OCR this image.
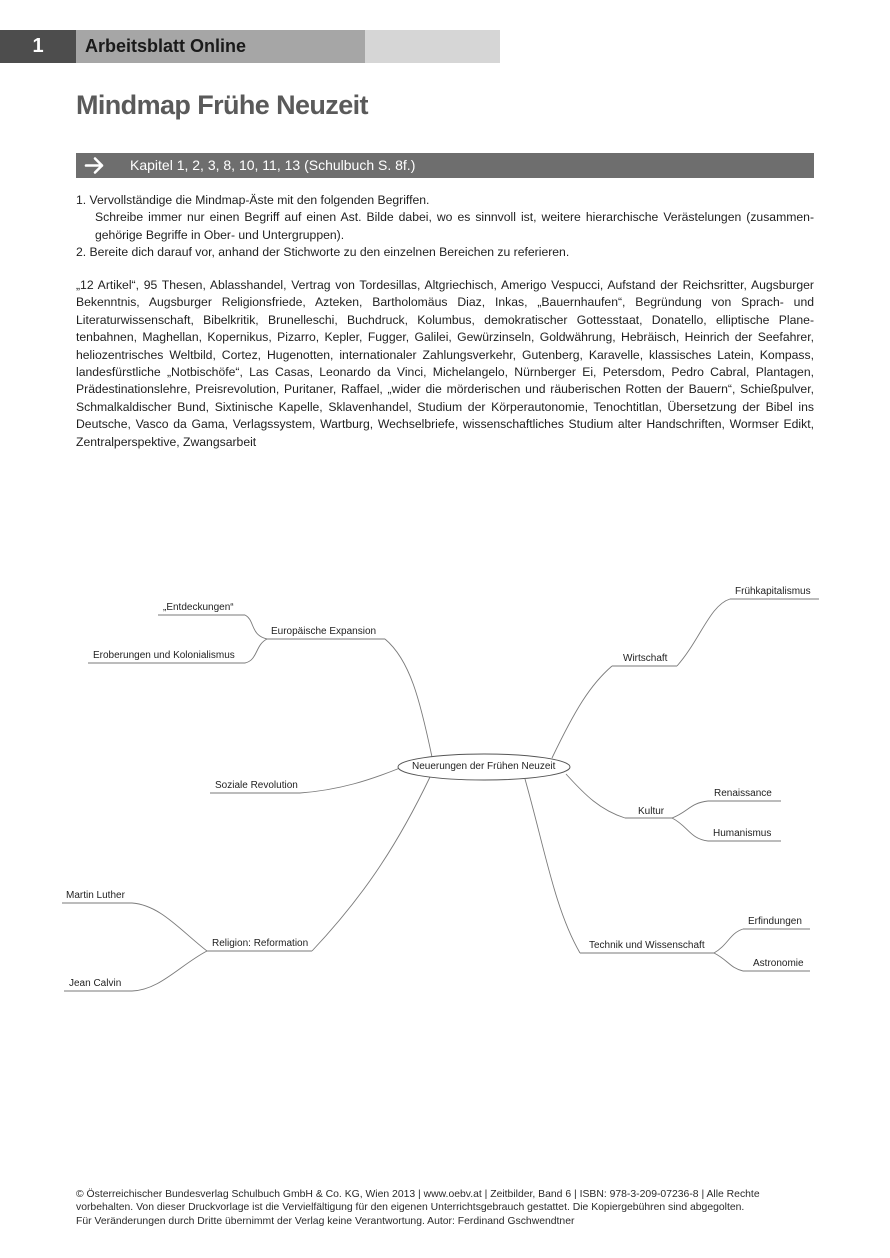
1	Arbeitsblatt Online
Mindmap Frühe Neuzeit
Kapitel 1, 2, 3, 8, 10, 11, 13 (Schulbuch S. 8f.)

1. Vervollständige die Mindmap-Äste mit den folgenden Begriffen.

Schreibe immer nur einen Begriff auf einen Ast. Bilde dabei, wo es sinnvoll ist, weitere hierarchische Verästelungen (zusammengehörige Begriffe in Ober- und Untergruppen).

2. Bereite dich darauf vor, anhand der Stichworte zu den einzelnen Bereichen zu referieren.

„12 Artikel“, 95 Thesen, Ablasshandel, Vertrag von Tordesillas, Altgriechisch, Amerigo Vespucci, Aufstand der Reichsritter, Augsburger Bekenntnis, Augsburger Religionsfriede, Azteken, Bartholomäus Diaz, Inkas, „Bauernhaufen“, Begründung von Sprach- und Literaturwissenschaft, Bibelkritik, Brunelleschi, Buchdruck, Kolumbus, demokratischer Gottesstaat, Donatello, elliptische Planetenbahnen, Maghellan, Kopernikus, Pizarro, Kepler, Fugger, Galilei, Gewürzinseln, Goldwährung, Hebräisch, Heinrich der Seefahrer, heliozentrisches Weltbild, Cortez, Hugenotten, internationaler Zahlungsverkehr, Gutenberg, Karavelle, klassisches Latein, Kompass, landesfürstliche „Notbischöfe“, Las Casas, Leonardo da Vinci, Michelangelo, Nürnberger Ei, Petersdom, Pedro Cabral, Plantagen, Prädestinationslehre, Preisrevolution, Puritaner, Raffael, „wider die mörderischen und räuberischen Rotten der Bauern“, Schießpulver, Schmalkaldischer Bund, Sixtinische Kapelle, Sklavenhandel, Studium der Körperautonomie, Tenochtitlan, Übersetzung der Bibel ins Deutsche, Vasco da Gama, Verlagssystem, Wartburg, Wechselbriefe, wissenschaftliches Studium alter Handschriften, Wormser Edikt, Zentralperspektive, Zwangsarbeit

Neuerungen der Frühen Neuzeit
Europäische Expansion
„Entdeckungen“
Eroberungen und Kolonialismus
Soziale Revolution
Religion: Reformation
Martin Luther
Jean Calvin
Wirtschaft
Frühkapitalismus
Kultur
Renaissance
Humanismus
Technik und Wissenschaft
Erfindungen
Astronomie

© Österreichischer Bundesverlag Schulbuch GmbH & Co. KG, Wien 2013 | www.oebv.at | Zeitbilder, Band 6 | ISBN: 978-3-209-07236-8 | Alle Rechte

vorbehalten. Von dieser Druckvorlage ist die Vervielfältigung für den eigenen Unterrichtsgebrauch gestattet. Die Kopiergebühren sind abgegolten.

Für Veränderungen durch Dritte übernimmt der Verlag keine Verantwortung. Autor: Ferdinand Gschwendtner
